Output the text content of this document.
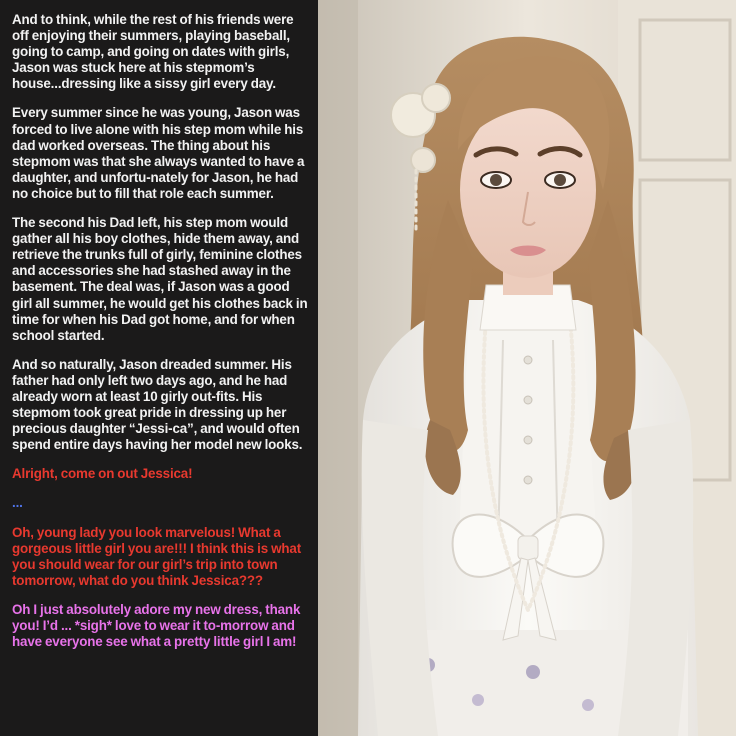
And to think, while the rest of his friends were off enjoying their summers, playing baseball, going to camp, and going on dates with girls, Jason was stuck here at his stepmom’s house...dressing like a sissy girl every day.

Every summer since he was young, Jason was forced to live alone with his step mom while his dad worked overseas. The thing about his stepmom was that she always wanted to have a daughter, and unfortu-nately for Jason, he had no choice but to fill that role each summer.

The second his Dad left, his step mom would gather all his boy clothes, hide them away, and retrieve the trunks full of girly, feminine clothes and accessories she had stashed away in the basement. The deal was, if Jason was a good girl all summer, he would get his clothes back in time for when his Dad got home, and for when school started.

And so naturally, Jason dreaded summer. His father had only left two days ago, and he had already worn at least 10 girly out-fits. His stepmom took great pride in dressing up her precious daughter “Jessi-ca”, and would often spend entire days having her model new looks.

Alright, come on out Jessica!

...

Oh, young lady you look marvelous! What a gorgeous little girl you are!!! I think this is what you should wear for our girl’s trip into town tomorrow, what do you think Jessica???

Oh I just absolutely adore my new dress, thank you! I’d ... *sigh* love to wear it to-morrow and have everyone see what a pretty little girl I am!
